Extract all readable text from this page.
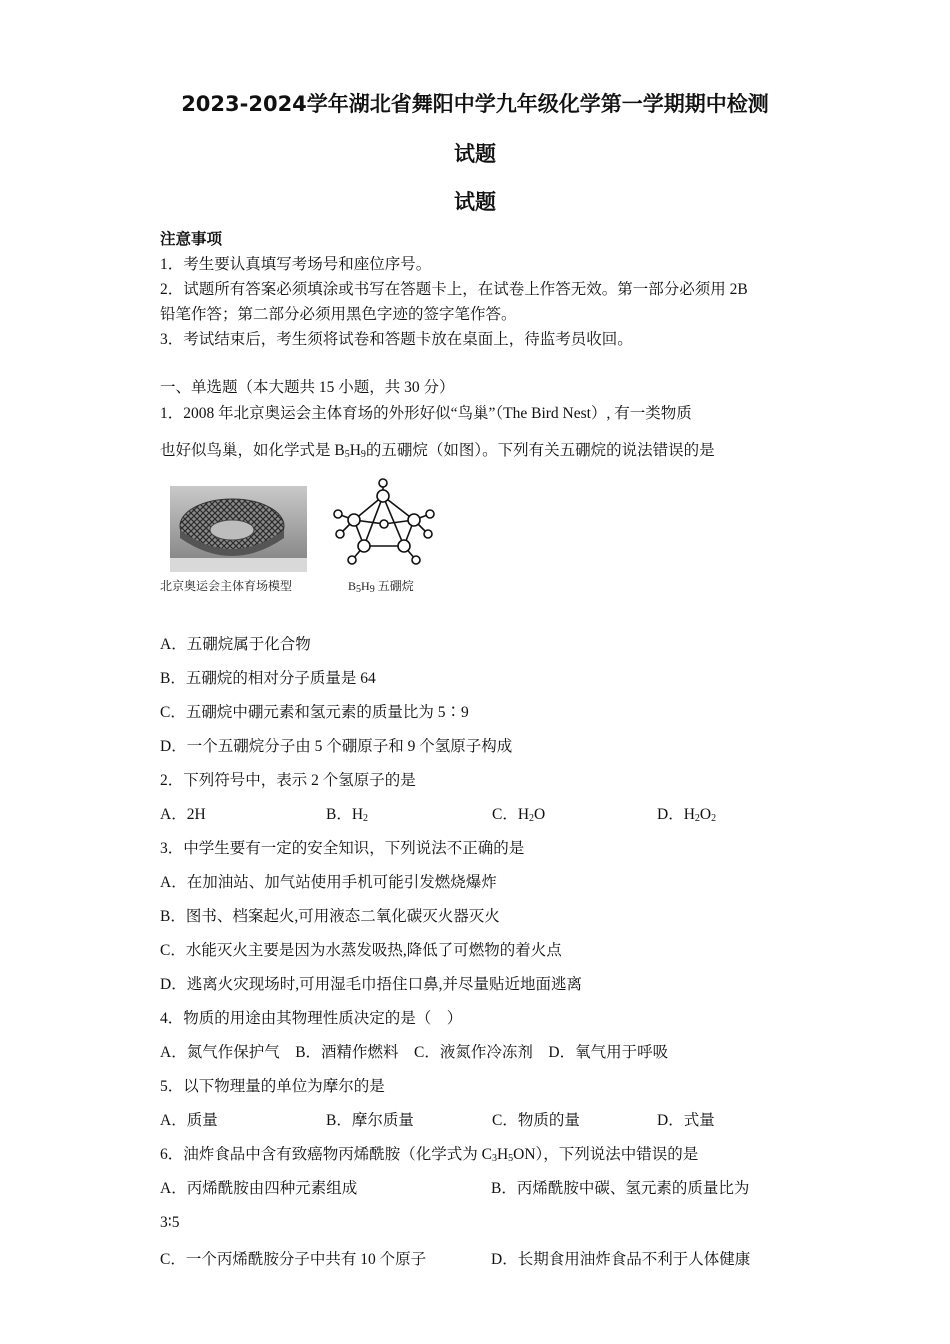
2023-2024学年湖北省舞阳中学九年级化学第一学期期中检测
试题
试题
注意事项
1．考生要认真填写考场号和座位序号。
2．试题所有答案必须填涂或书写在答题卡上，在试卷上作答无效。第一部分必须用 2B
铅笔作答；第二部分必须用黑色字迹的签字笔作答。
3．考试结束后，考生须将试卷和答题卡放在桌面上，待监考员收回。
一、单选题（本大题共 15 小题，共 30 分）
1．2008 年北京奥运会主体育场的外形好似“鸟巢”（The Bird Nest）, 有一类物质
也好似鸟巢，如化学式是 $B_5H_9$的五硼烷（如图）。下列有关五硼烷的说法错误的是
北京奥运会主体育场模型	$B_5H_9$ 五硼烷
A．五硼烷属于化合物
B．五硼烷的相对分子质量是 64
C．五硼烷中硼元素和氢元素的质量比为 5∶9
D．一个五硼烷分子由 5 个硼原子和 9 个氢原子构成
2．下列符号中，表示 2 个氢原子的是
A．2H	B．$H_2$	C．$H_2O$	D．$H_2O_2$
3．中学生要有一定的安全知识，下列说法不正确的是
A．在加油站、加气站使用手机可能引发燃烧爆炸
B．图书、档案起火,可用液态二氧化碳灭火器灭火
C．水能灭火主要是因为水蒸发吸热,降低了可燃物的着火点
D．逃离火灾现场时,可用湿毛巾捂住口鼻,并尽量贴近地面逃离
4．物质的用途由其物理性质决定的是（　）
A．氮气作保护气　B．酒精作燃料　C．液氮作冷冻剂　D．氧气用于呼吸
5．以下物理量的单位为摩尔的是
A．质量	B．摩尔质量	C．物质的量	D．式量
6．油炸食品中含有致癌物丙烯酰胺（化学式为 $C_3H_5ON$），下列说法中错误的是
A．丙烯酰胺由四种元素组成	B．丙烯酰胺中碳、氢元素的质量比为
3∶5
C．一个丙烯酰胺分子中共有 10 个原子	D．长期食用油炸食品不利于人体健康
